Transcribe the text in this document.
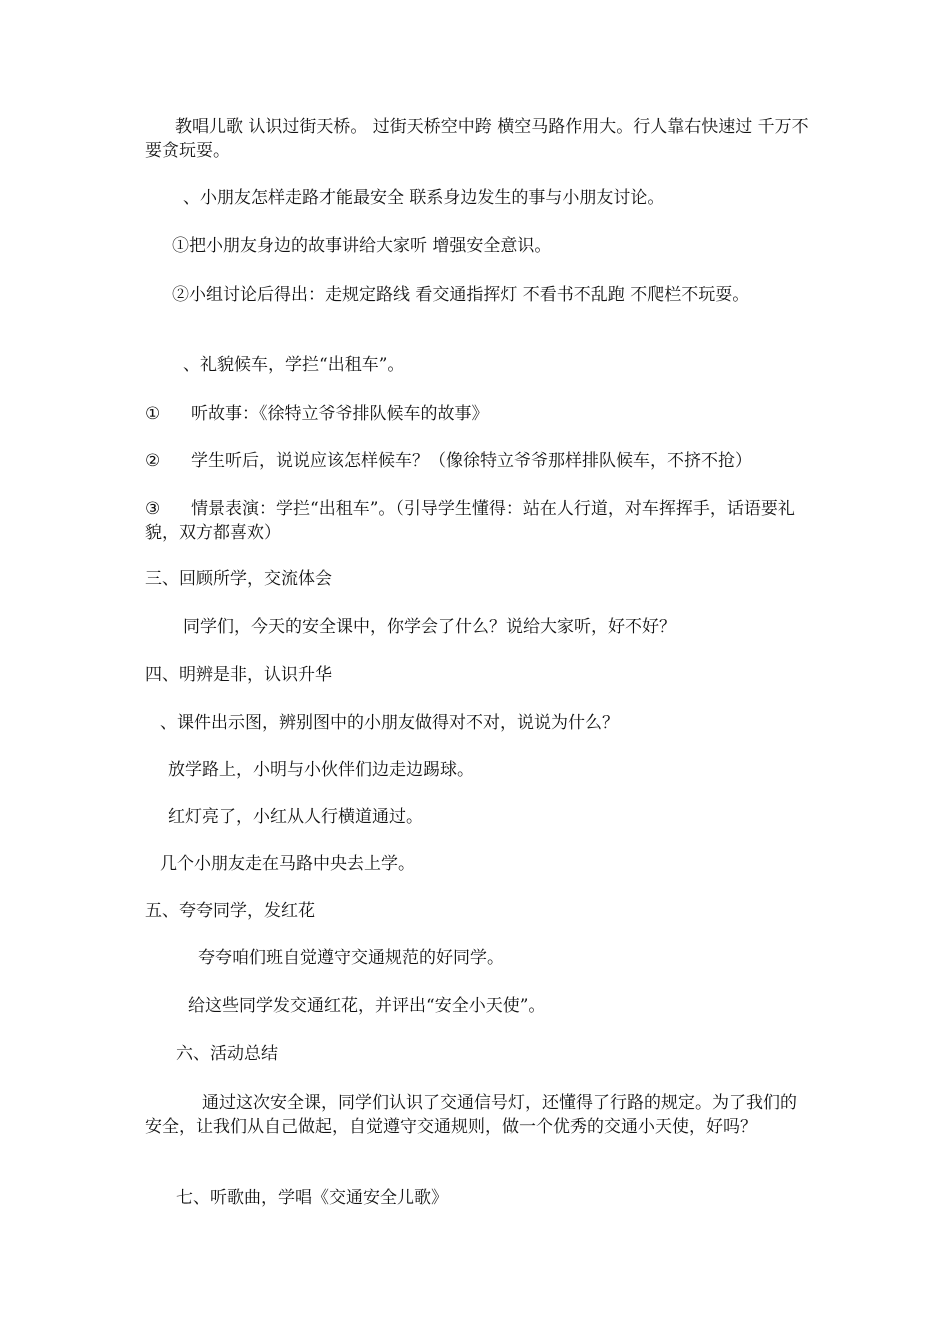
教唱儿歌 认识过街天桥。 过街天桥空中跨 横空马路作用大。行人靠右快速过 千万不要贪玩耍。
、小朋友怎样走路才能最安全 联系身边发生的事与小朋友讨论。
①把小朋友身边的故事讲给大家听 增强安全意识。
②小组讨论后得出：走规定路线 看交通指挥灯 不看书不乱跑 不爬栏不玩耍。
、礼貌候车，学拦“出租车”。
① 听故事：《徐特立爷爷排队候车的故事》
② 学生听后，说说应该怎样候车？（像徐特立爷爷那样排队候车，不挤不抢）
③ 情景表演：学拦“出租车”。（引导学生懂得：站在人行道，对车挥挥手，话语要礼貌，双方都喜欢）
三、回顾所学，交流体会
同学们，今天的安全课中，你学会了什么？说给大家听，好不好？
四、明辨是非，认识升华
、课件出示图，辨别图中的小朋友做得对不对，说说为什么？
放学路上，小明与小伙伴们边走边踢球。
红灯亮了，小红从人行横道通过。
几个小朋友走在马路中央去上学。
五、夸夸同学，发红花
夸夸咱们班自觉遵守交通规范的好同学。
给这些同学发交通红花，并评出“安全小天使”。
六、活动总结
通过这次安全课，同学们认识了交通信号灯，还懂得了行路的规定。为了我们的安全，让我们从自己做起，自觉遵守交通规则，做一个优秀的交通小天使，好吗？
七、听歌曲，学唱《交通安全儿歌》
